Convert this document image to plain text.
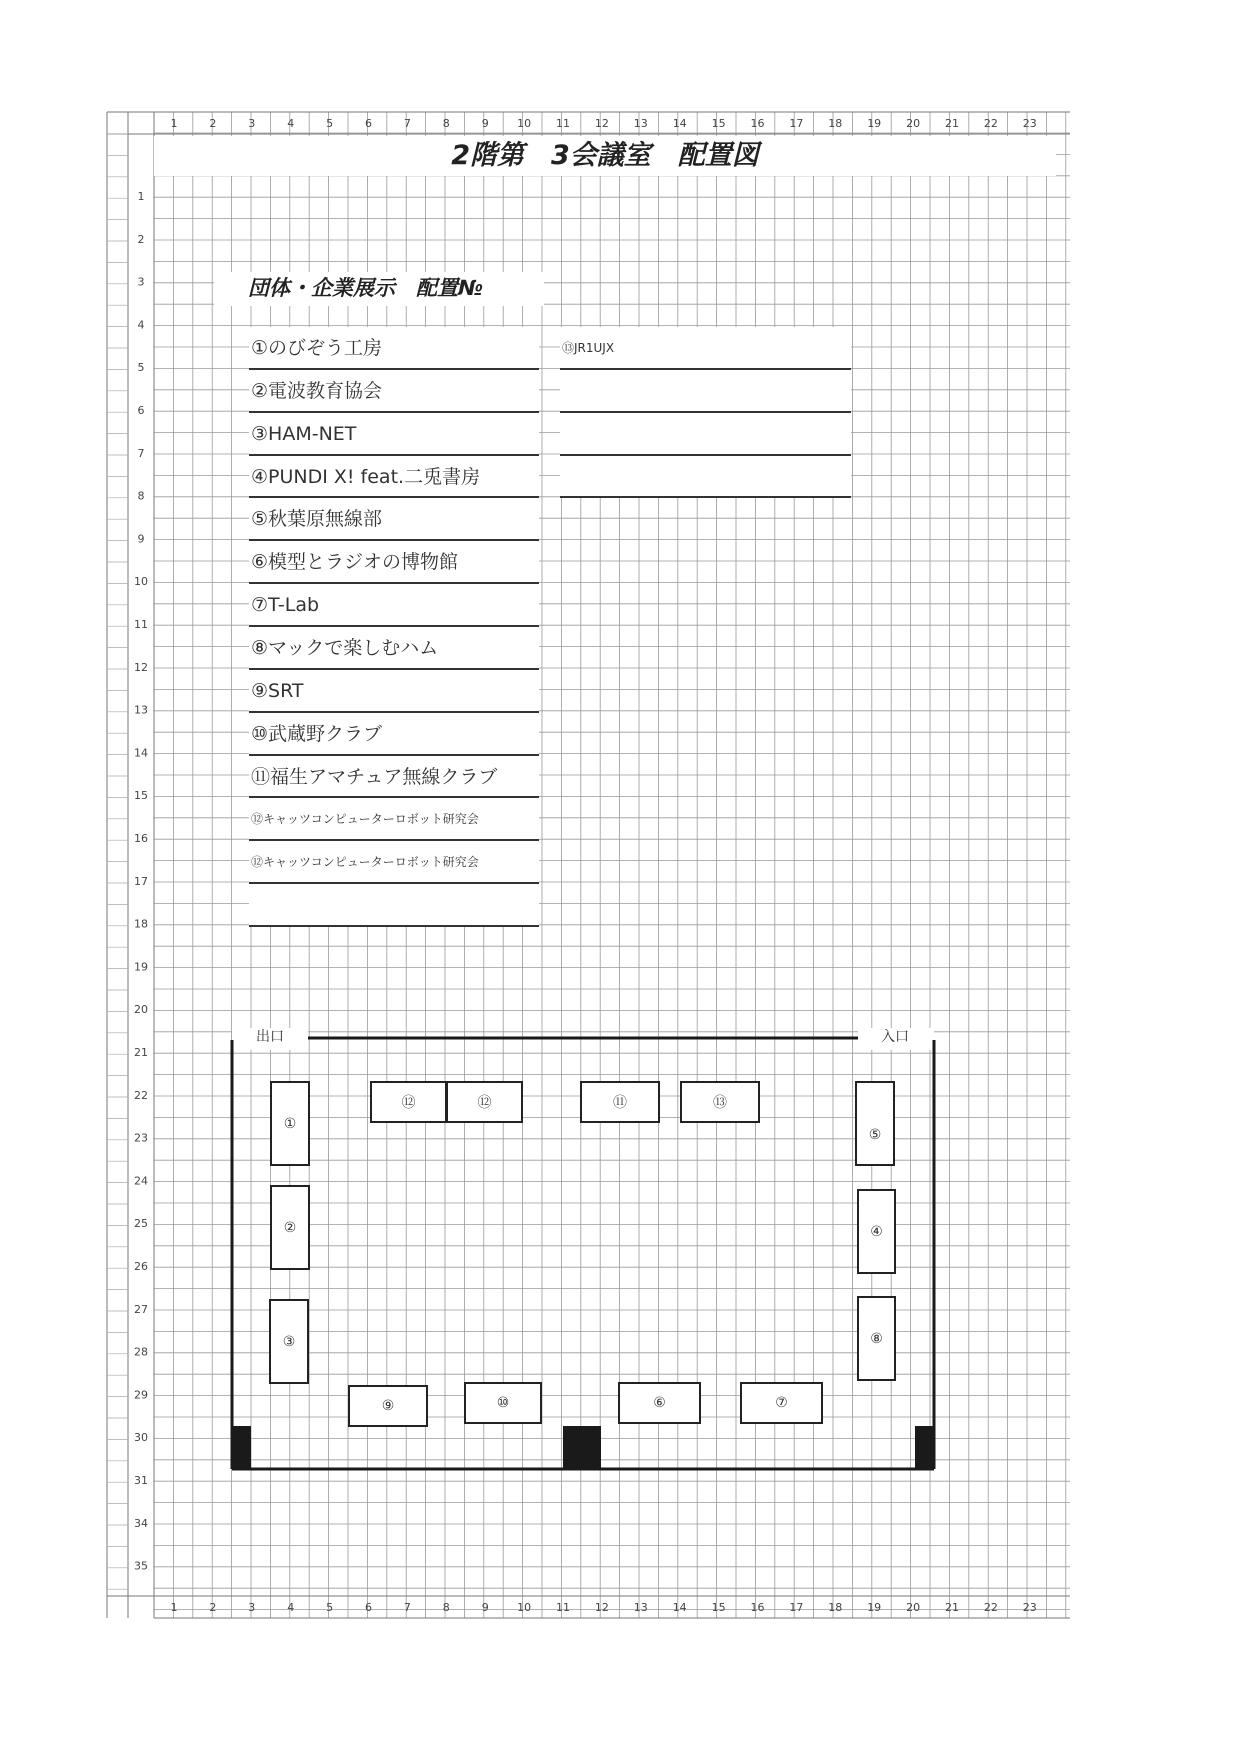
1
1
2
2
3
3
4
4
5
5
6
6
7
7
8
8
9
9
10
10
11
11
12
12
13
13
14
14
15
15
16
16
17
17
18
18
19
19
20
20
21
21
22
22
23
23
1
2
3
4
5
6
7
8
9
10
11
12
13
14
15
16
17
18
19
20
21
22
23
24
25
26
27
28
29
30
31
34
35
2階第　3会議室　配置図
団体・企業展示　配置№
①のびぞう工房
②電波教育協会
③HAM-NET
④PUNDI X! feat.二兎書房
⑤秋葉原無線部
⑥模型とラジオの博物館
⑦T-Lab
⑧マックで楽しむハム
⑨SRT
⑩武蔵野クラブ
⑪福生アマチュア無線クラブ
⑫キャッツコンピューターロボット研究会
⑫キャッツコンピューターロボット研究会
⑬JR1UJX
出口	入口
①
②
③
⑫	⑫	⑪	⑬
⑤
④
⑧
⑨	⑩	⑥	⑦
